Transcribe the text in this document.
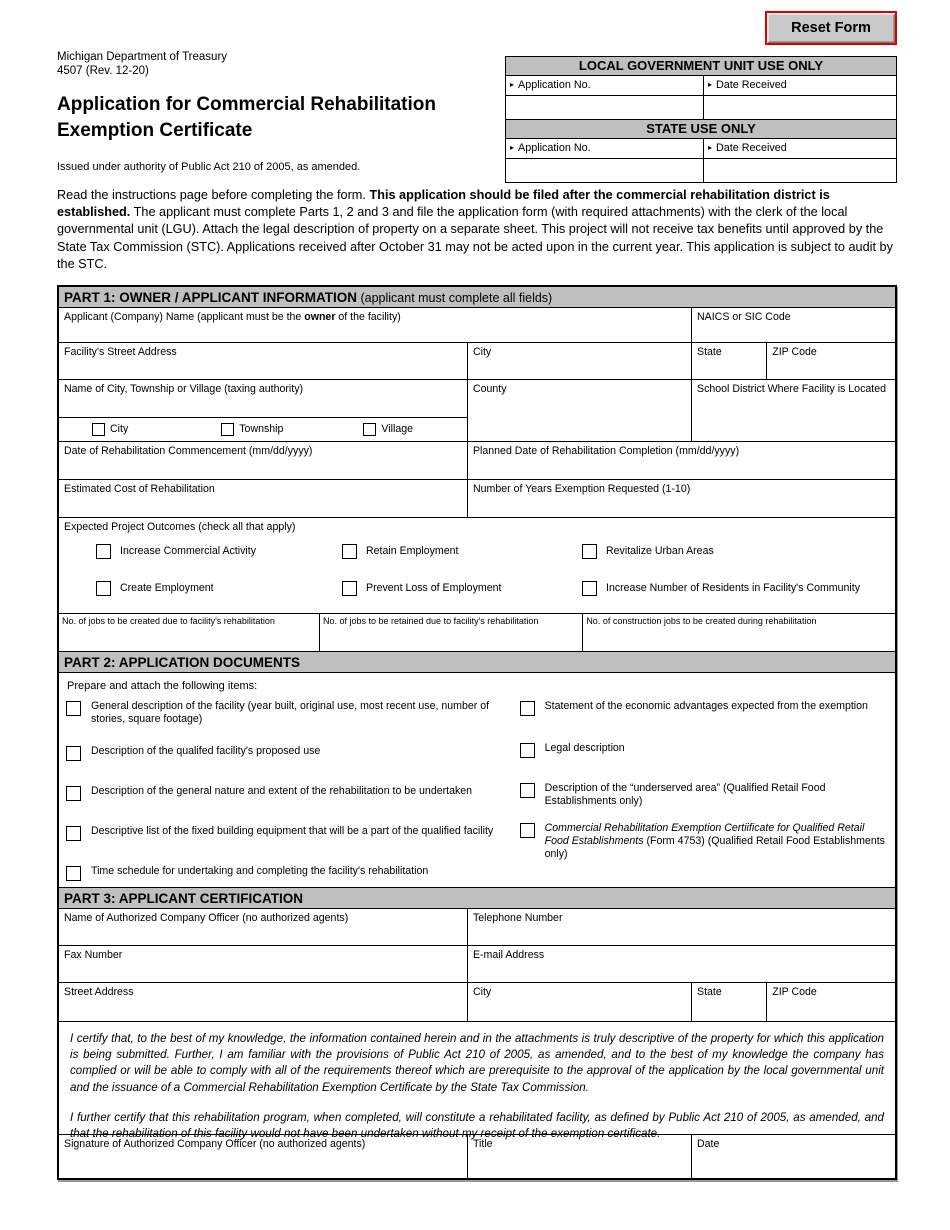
Reset Form
Michigan Department of Treasury
4507 (Rev. 12-20)
Application for Commercial Rehabilitation Exemption Certificate
Issued under authority of Public Act 210 of 2005, as amended.
LOCAL GOVERNMENT UNIT USE ONLY
▸ Application No.	▸ Date Received
STATE USE ONLY
▸ Application No.	▸ Date Received
Read the instructions page before completing the form. This application should be filed after the commercial rehabilitation district is established. The applicant must complete Parts 1, 2 and 3 and file the application form (with required attachments) with the clerk of the local governmental unit (LGU). Attach the legal description of property on a separate sheet. This project will not receive tax benefits until approved by the State Tax Commission (STC). Applications received after October 31 may not be acted upon in the current year. This application is subject to audit by the STC.
PART 1: OWNER / APPLICANT INFORMATION (applicant must complete all fields)
Applicant (Company) Name (applicant must be the owner of the facility)	NAICS or SIC Code
Facility's Street Address	City	State	ZIP Code
Name of City, Township or Village (taxing authority)
City	Township	Village
County	School District Where Facility is Located
Date of Rehabilitation Commencement (mm/dd/yyyy)	Planned Date of Rehabilitation Completion (mm/dd/yyyy)
Estimated Cost of Rehabilitation	Number of Years Exemption Requested (1-10)
Expected Project Outcomes (check all that apply)
Increase Commercial Activity	Retain Employment	Revitalize Urban Areas
Create Employment	Prevent Loss of Employment	Increase Number of Residents in Facility's Community
No. of jobs to be created due to facility's rehabilitation	No. of jobs to be retained due to facility's rehabilitation	No. of construction jobs to be created during rehabilitation
PART 2: APPLICATION DOCUMENTS
Prepare and attach the following items:
General description of the facility (year built, original use, most recent use, number of stories, square footage)
Description of the qualifed facility's proposed use
Description of the general nature and extent of the rehabilitation to be undertaken
Descriptive list of the fixed building equipment that will be a part of the qualified facility
Time schedule for undertaking and completing the facility's rehabilitation
Statement of the economic advantages expected from the exemption
Legal description
Description of the “underserved area” (Qualified Retail Food Establishments only)
Commercial Rehabilitation Exemption Certiificate for Qualified Retail Food Establishments (Form 4753) (Qualified Retail Food Establishments only)
PART 3: APPLICANT CERTIFICATION
Name of Authorized Company Officer (no authorized agents)	Telephone Number
Fax Number	E-mail Address
Street Address	City	State	ZIP Code

I certify that, to the best of my knowledge, the information contained herein and in the attachments is truly descriptive of the property for which this application is being submitted. Further, I am familiar with the provisions of Public Act 210 of 2005, as amended, and to the best of my knowledge the company has complied or will be able to comply with all of the requirements thereof which are prerequisite to the approval of the application by the local governmental unit and the issuance of a Commercial Rehabilitation Exemption Certificate by the State Tax Commission.

I further certify that this rehabilitation program, when completed, will constitute a rehabilitated facility, as defined by Public Act 210 of 2005, as amended, and that the rehabilitation of this facility would not have been undertaken without my receipt of the exemption certificate.

Signature of Authorized Company Officer (no authorized agents)	Title	Date
